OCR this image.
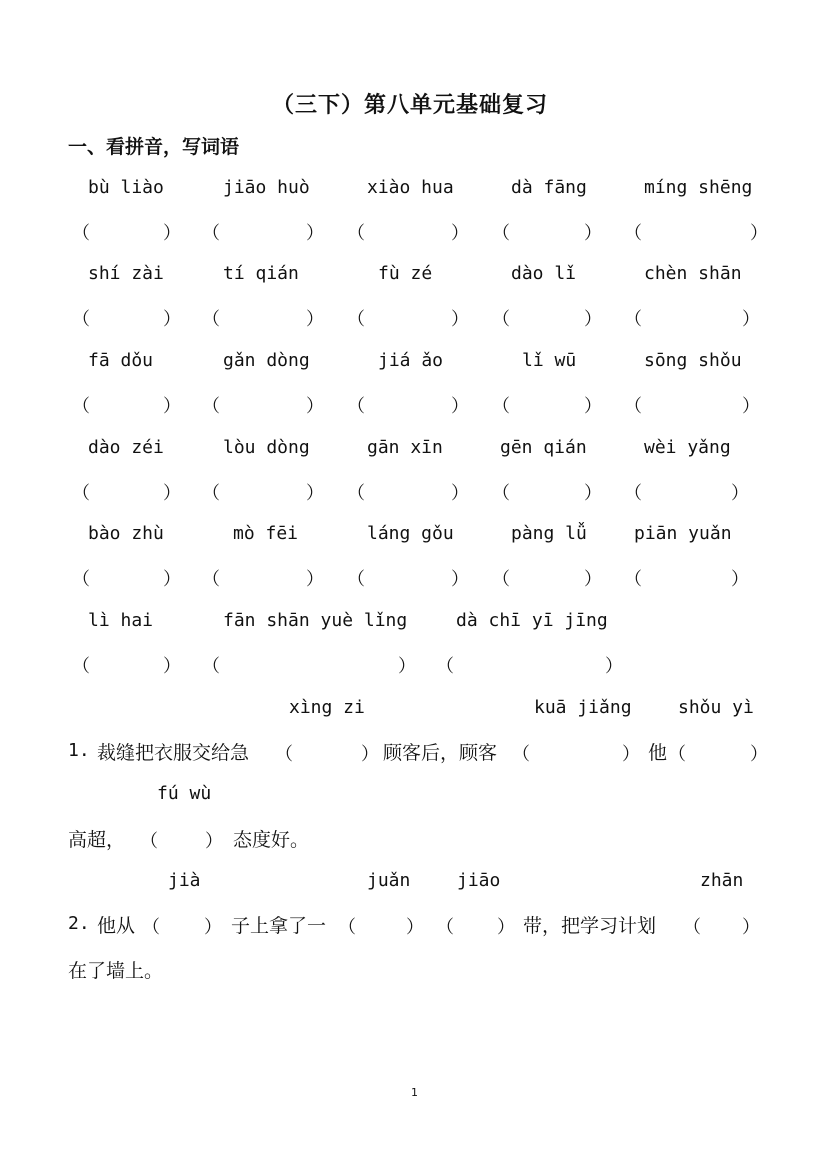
（三下）第八单元基础复习
一、看拼音，写词语
bù liào	jiāo huò	xiào hua	dà fāng	míng shēng
（	） （	） （	） （	） （	）
shí zài	tí qián	fù zé	dào lǐ	chèn shān
（	） （	） （	） （	） （	）
fā dǒu	gǎn dòng	jiá ǎo	lǐ wū	sōng shǒu
（	） （	） （	） （	） （	）
dào zéi	lòu dòng	gān xīn	gēn qián	wèi yǎng
（	） （	） （	） （	） （	）
bào zhù	mò fēi	láng gǒu	pàng lǚ	piān yuǎn
（	） （	） （	） （	） （	）
lì hai	fān shān yuè lǐng	dà chī yī jīng
（	） （	） （	）
xìng zi	kuā jiǎng	shǒu yì
1. 裁缝把衣服交给急 （	） 顾客后，顾客 （	） 他 （	）
fú wù
高超， （	） 态度好。
jià	juǎn	jiāo	zhān
2. 他从 （ ） 子上拿了一 （	） （ ） 带，把学习计划 （ ）
在了墙上。
1
